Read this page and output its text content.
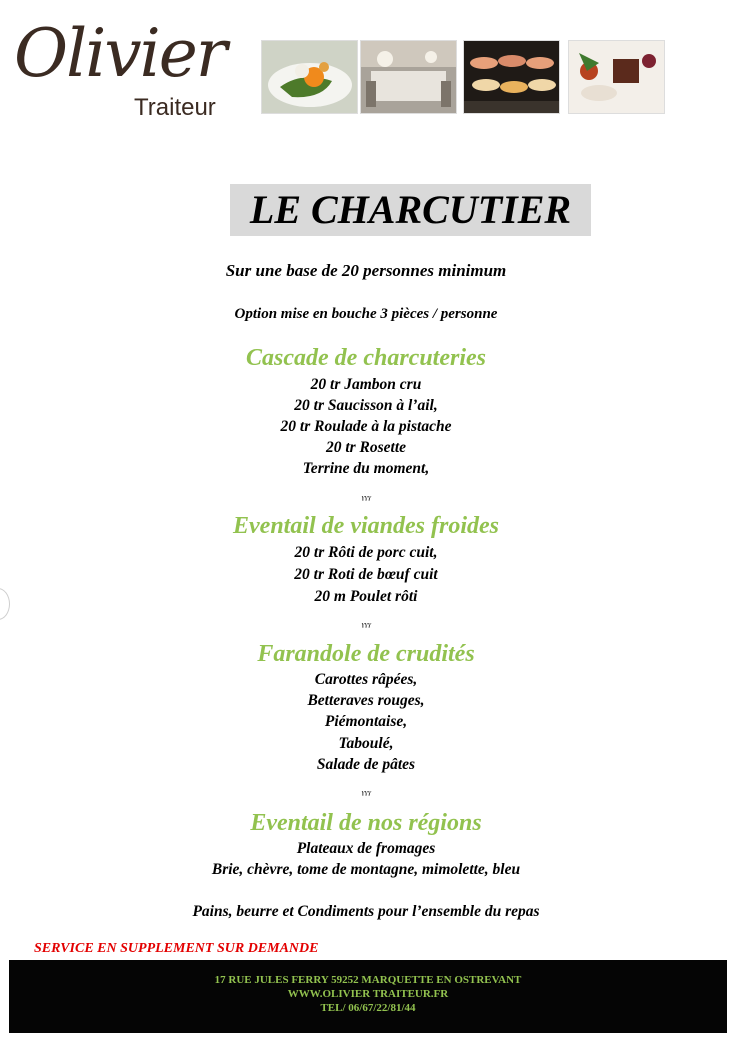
Olivier
Traiteur
LE CHARCUTIER
Sur une base de 20 personnes minimum
Option mise en bouche 3 pièces / personne
Cascade de charcuteries
20 tr Jambon cru
20 tr Saucisson à l’ail,
20 tr Roulade à la pistache
20 tr Rosette
Terrine du moment,
ˠˠˠ
Eventail de viandes froides
20 tr Rôti de porc cuit,
20 tr Roti de bœuf cuit
20 m Poulet rôti
ˠˠˠ
Farandole de crudités
Carottes râpées,
Betteraves rouges,
Piémontaise,
Taboulé,
Salade de pâtes
ˠˠˠ
Eventail de nos régions
Plateaux de fromages
Brie, chèvre, tome de montagne, mimolette, bleu
Pains, beurre et Condiments pour l’ensemble du repas
SERVICE EN SUPPLEMENT SUR DEMANDE
17 RUE JULES FERRY 59252 MARQUETTE EN OSTREVANT
WWW.OLIVIER TRAITEUR.FR
TEL/ 06/67/22/81/44
